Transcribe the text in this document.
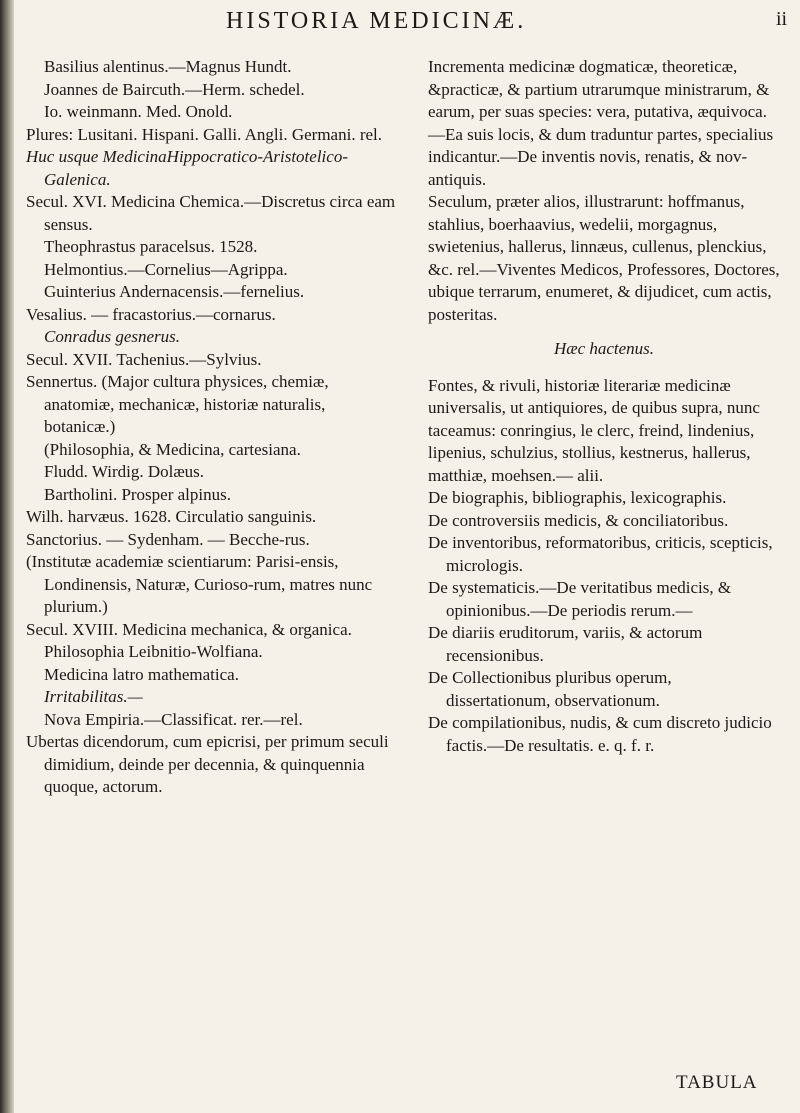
HISTORIA MEDICINÆ.	ii

Basilius alentinus.—Magnus Hundt.

Joannes de Baircuth.—Herm. schedel.

Io. weinmann. Med. Onold.

Plures: Lusitani. Hispani. Galli. Angli. Germani. rel.

Huc usque MedicinaHippocratico-Aristotelico-Galenica.

Secul. XVI. Medicina Chemica.—Discretus circa eam sensus.

Theophrastus paracelsus. 1528.

Helmontius.—Cornelius—Agrippa.

Guinterius Andernacensis.—fernelius.

Vesalius. — fracastorius.—cornarus.

Conradus gesnerus.

Secul. XVII. Tachenius.—Sylvius.

Sennertus. (Major cultura physices, chemiæ, anatomiæ, mechanicæ, historiæ naturalis, botanicæ.)

(Philosophia, & Medicina, cartesiana.

Fludd. Wirdig. Dolæus.

Bartholini. Prosper alpinus.

Wilh. harvæus. 1628. Circulatio sanguinis.

Sanctorius. — Sydenham. — Becche-rus.

(Institutæ academiæ scientiarum: Parisi-ensis, Londinensis, Naturæ, Curioso-rum, matres nunc plurium.)

Secul. XVIII. Medicina mechanica, & organica.

Philosophia Leibnitio-Wolfiana.

Medicina latro mathematica.

Irritabilitas.—

Nova Empiria.—Classificat. rer.—rel.

Ubertas dicendorum, cum epicrisi, per primum seculi dimidium, deinde per decennia, & quinquennia quoque, actorum.

Incrementa medicinæ dogmaticæ, theoreticæ, &practicæ, & partium utrarumque ministrarum, & earum, per suas species: vera, putativa, æquivoca.—Ea suis locis, & dum traduntur partes, specialius indicantur.—De inventis novis, renatis, & nov-antiquis.

Seculum, præter alios, illustrarunt: hoffmanus, stahlius, boerhaavius, wedelii, morgagnus, swietenius, hallerus, linnæus, cullenus, plenckius, &c. rel.—Viventes Medicos, Professores, Doctores, ubique terrarum, enumeret, & dijudicet, cum actis, posteritas.

Hæc hactenus.

Fontes, & rivuli, historiæ literariæ medicinæ universalis, ut antiquiores, de quibus supra, nunc taceamus: conringius, le clerc, freind, lindenius, lipenius, schulzius, stollius, kestnerus, hallerus, matthiæ, moehsen.— alii.

De biographis, bibliographis, lexicographis.

De controversiis medicis, & conciliatoribus.

De inventoribus, reformatoribus, criticis, scepticis, micrologis.

De systematicis.—De veritatibus medicis, & opinionibus.—De periodis rerum.—

De diariis eruditorum, variis, & actorum recensionibus.

De Collectionibus pluribus operum, dissertationum, observationum.

De compilationibus, nudis, & cum discreto judicio factis.—De resultatis. e. q. f. r.

TABULA
